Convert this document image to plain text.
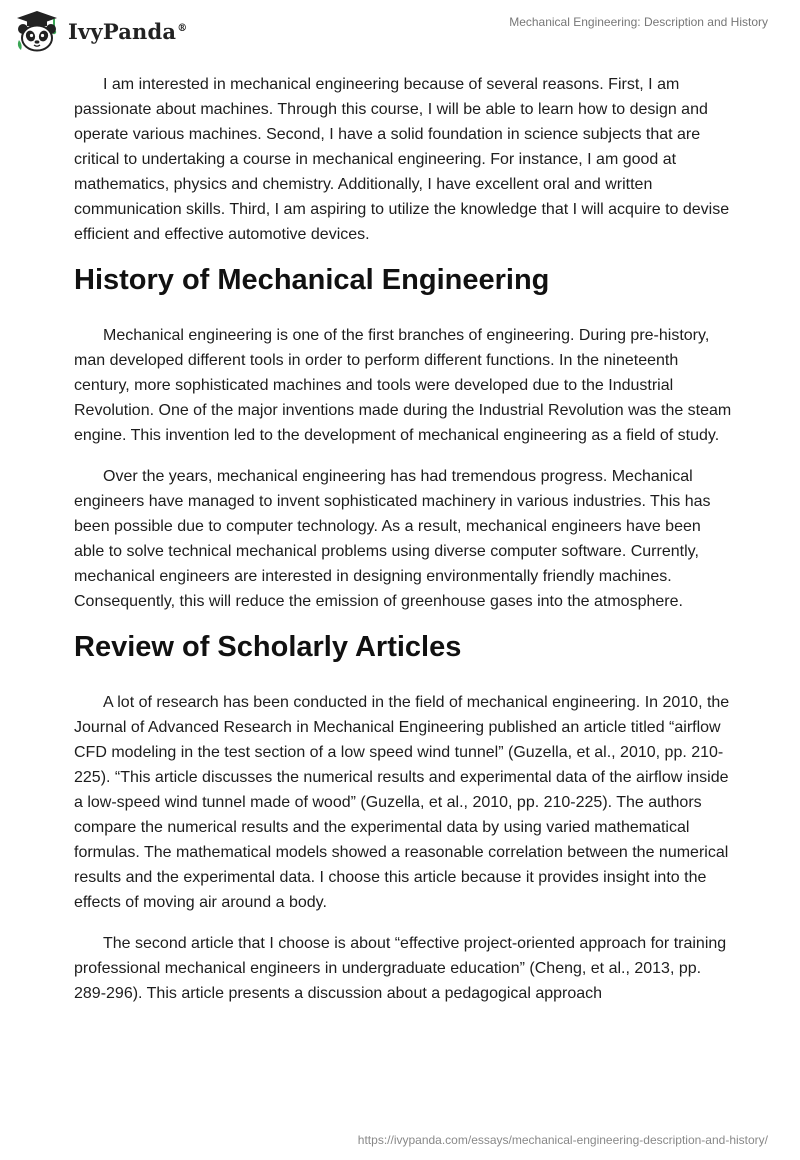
IvyPanda®	Mechanical Engineering: Description and History

I am interested in mechanical engineering because of several reasons. First, I am passionate about machines. Through this course, I will be able to learn how to design and operate various machines. Second, I have a solid foundation in science subjects that are critical to undertaking a course in mechanical engineering. For instance, I am good at mathematics, physics and chemistry. Additionally, I have excellent oral and written communication skills. Third, I am aspiring to utilize the knowledge that I will acquire to devise efficient and effective automotive devices.

History of Mechanical Engineering

Mechanical engineering is one of the first branches of engineering. During pre-history, man developed different tools in order to perform different functions. In the nineteenth century, more sophisticated machines and tools were developed due to the Industrial Revolution. One of the major inventions made during the Industrial Revolution was the steam engine. This invention led to the development of mechanical engineering as a field of study.

Over the years, mechanical engineering has had tremendous progress. Mechanical engineers have managed to invent sophisticated machinery in various industries. This has been possible due to computer technology. As a result, mechanical engineers have been able to solve technical mechanical problems using diverse computer software. Currently, mechanical engineers are interested in designing environmentally friendly machines. Consequently, this will reduce the emission of greenhouse gases into the atmosphere.

Review of Scholarly Articles

A lot of research has been conducted in the field of mechanical engineering. In 2010, the Journal of Advanced Research in Mechanical Engineering published an article titled “airflow CFD modeling in the test section of a low speed wind tunnel” (Guzella, et al., 2010, pp. 210-225). “This article discusses the numerical results and experimental data of the airflow inside a low-speed wind tunnel made of wood” (Guzella, et al., 2010, pp. 210-225). The authors compare the numerical results and the experimental data by using varied mathematical formulas. The mathematical models showed a reasonable correlation between the numerical results and the experimental data. I choose this article because it provides insight into the effects of moving air around a body.

The second article that I choose is about “effective project-oriented approach for training professional mechanical engineers in undergraduate education” (Cheng, et al., 2013, pp. 289-296). This article presents a discussion about a pedagogical approach

https://ivypanda.com/essays/mechanical-engineering-description-and-history/
